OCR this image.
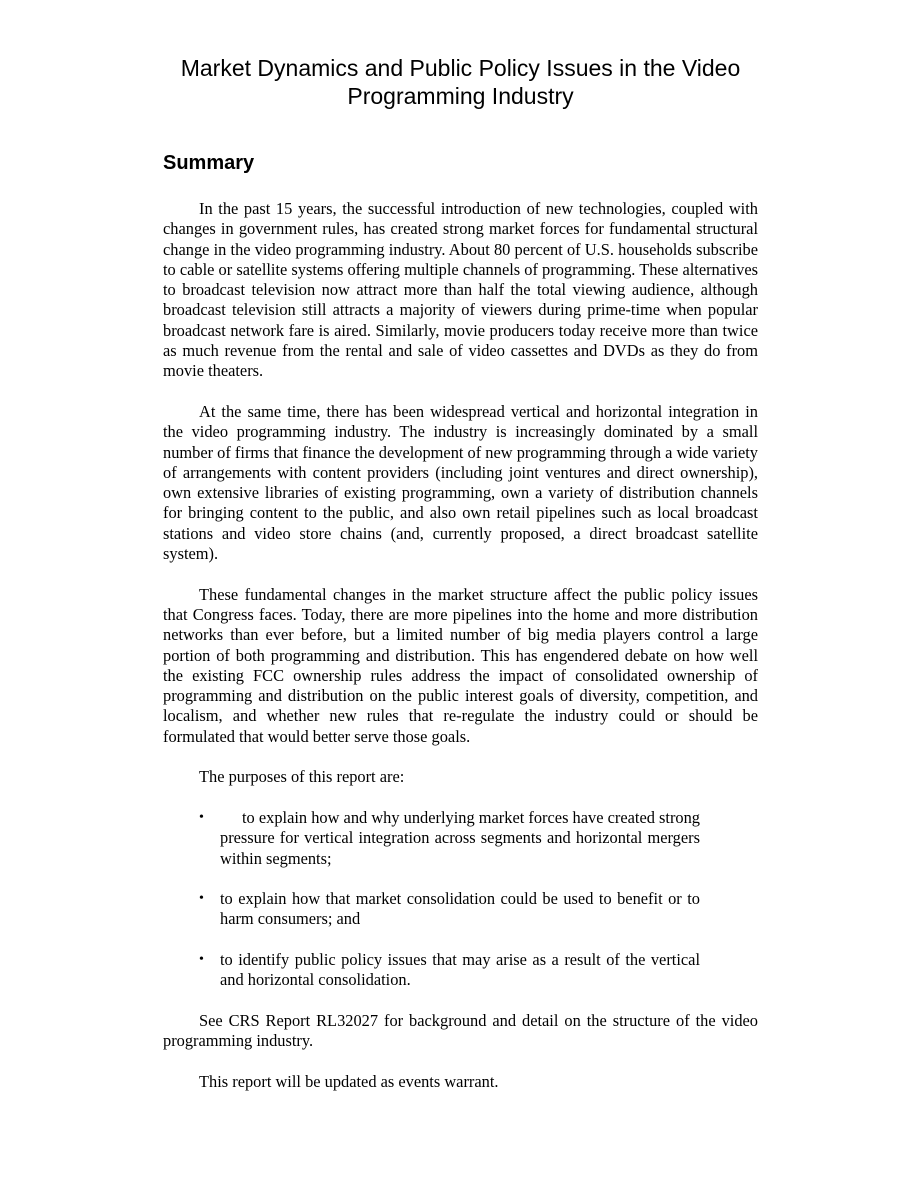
Market Dynamics and Public Policy Issues in the Video
Programming Industry
Summary

In the past 15 years, the successful introduction of new technologies, coupled with changes in government rules, has created strong market forces for fundamental structural change in the video programming industry. About 80 percent of U.S. households subscribe to cable or satellite systems offering multiple channels of programming. These alternatives to broadcast television now attract more than half the total viewing audience, although broadcast television still attracts a majority of viewers during prime-time when popular broadcast network fare is aired. Similarly, movie producers today receive more than twice as much revenue from the rental and sale of video cassettes and DVDs as they do from movie theaters.

At the same time, there has been widespread vertical and horizontal integration in the video programming industry. The industry is increasingly dominated by a small number of firms that finance the development of new programming through a wide variety of arrangements with content providers (including joint ventures and direct ownership), own extensive libraries of existing programming, own a variety of distribution channels for bringing content to the public, and also own retail pipelines such as local broadcast stations and video store chains (and, currently proposed, a direct broadcast satellite system).

These fundamental changes in the market structure affect the public policy issues that Congress faces. Today, there are more pipelines into the home and more distribution networks than ever before, but a limited number of big media players control a large portion of both programming and distribution. This has engendered debate on how well the existing FCC ownership rules address the impact of consolidated ownership of programming and distribution on the public interest goals of diversity, competition, and localism, and whether new rules that re-regulate the industry could or should be formulated that would better serve those goals.

The purposes of this report are:

•	to explain how and why underlying market forces have created strong pressure for vertical integration across segments and horizontal mergers within segments;
• to explain how that market consolidation could be used to benefit or to harm consumers; and
• to identify public policy issues that may arise as a result of the vertical and horizontal consolidation.

See CRS Report RL32027 for background and detail on the structure of the video programming industry.

This report will be updated as events warrant.
